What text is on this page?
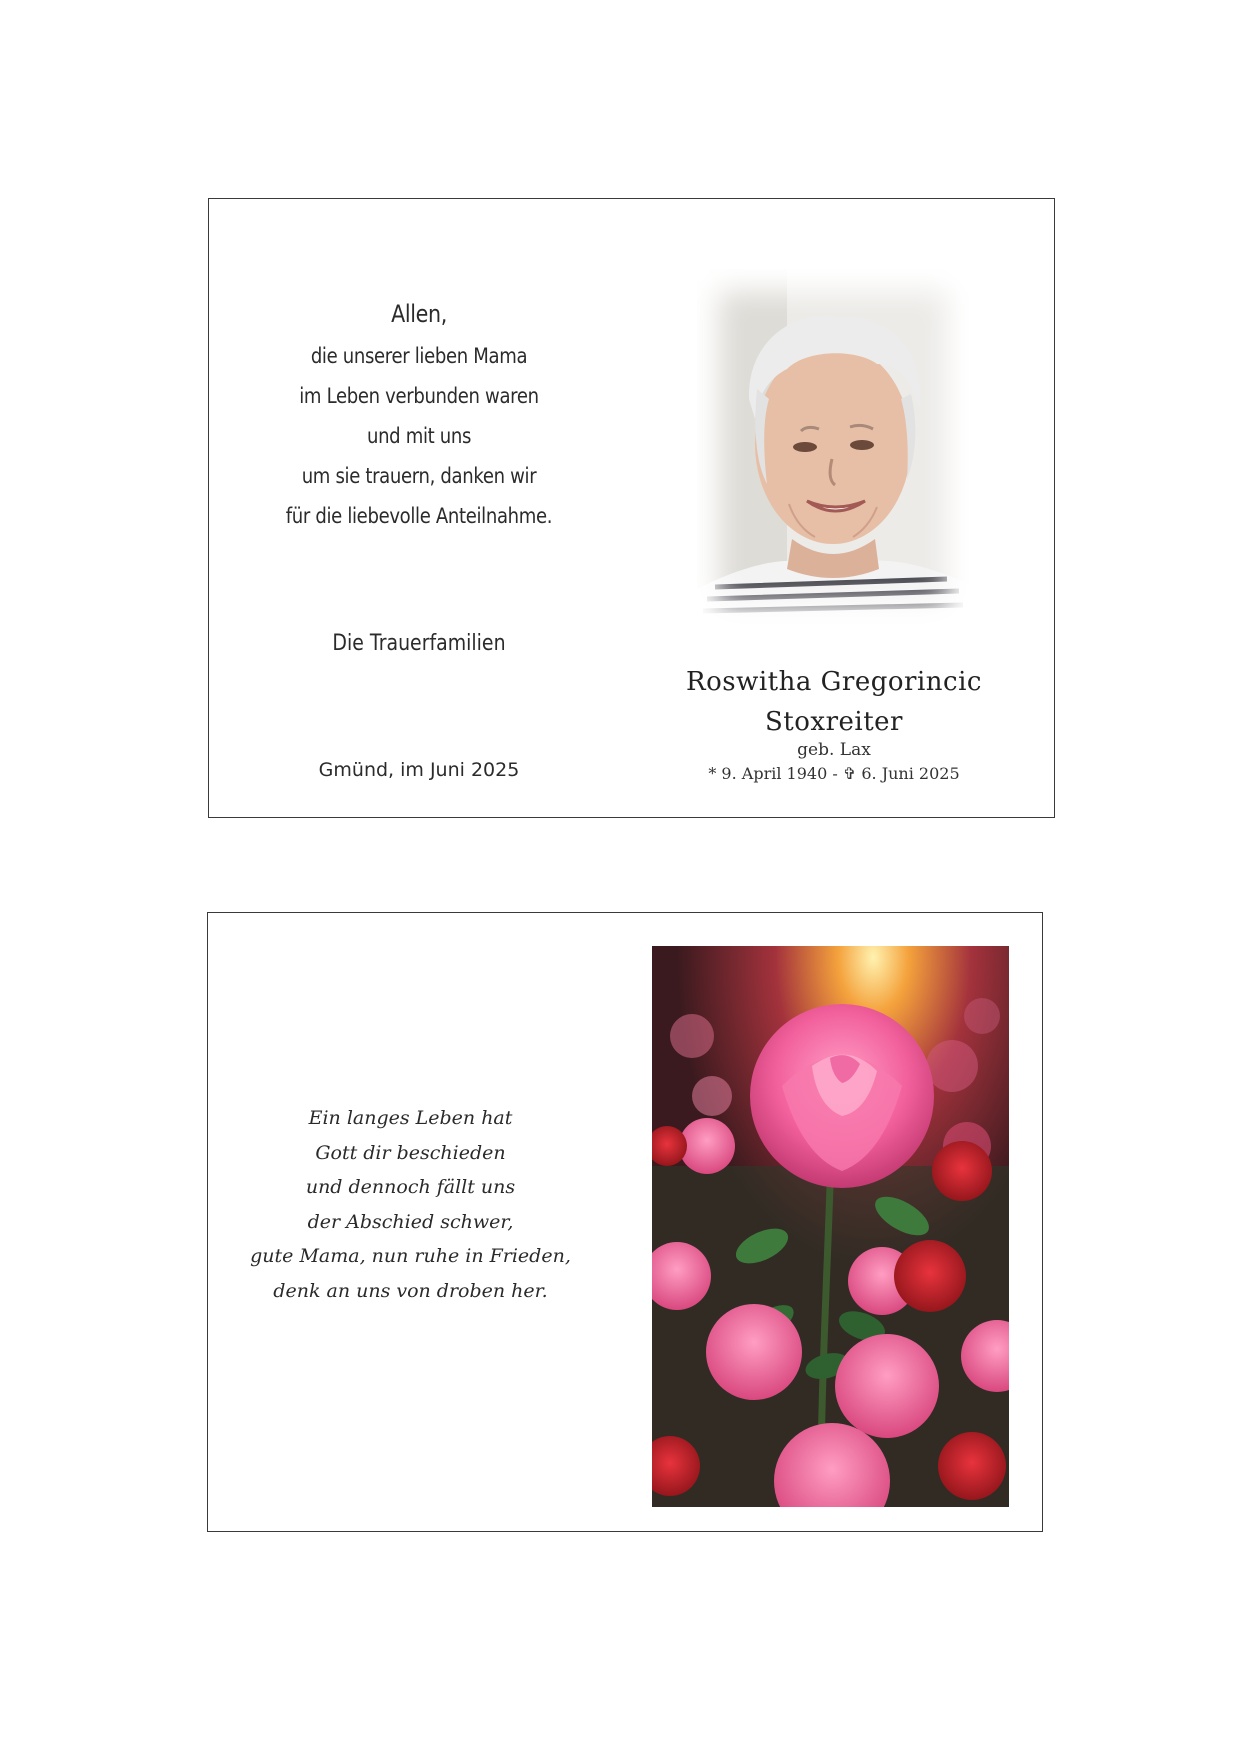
Allen,
die unserer lieben Mama
im Leben verbunden waren
und mit uns
um sie trauern, danken wir
für die liebevolle Anteilnahme.
Die Trauerfamilien
Gmünd, im Juni 2025
Roswitha Gregorincic
Stoxreiter
geb. Lax
* 9. April 1940 - ✞ 6. Juni 2025
Ein langes Leben hat
Gott dir beschieden
und dennoch fällt uns
der Abschied schwer,
gute Mama, nun ruhe in Frieden,
denk an uns von droben her.
